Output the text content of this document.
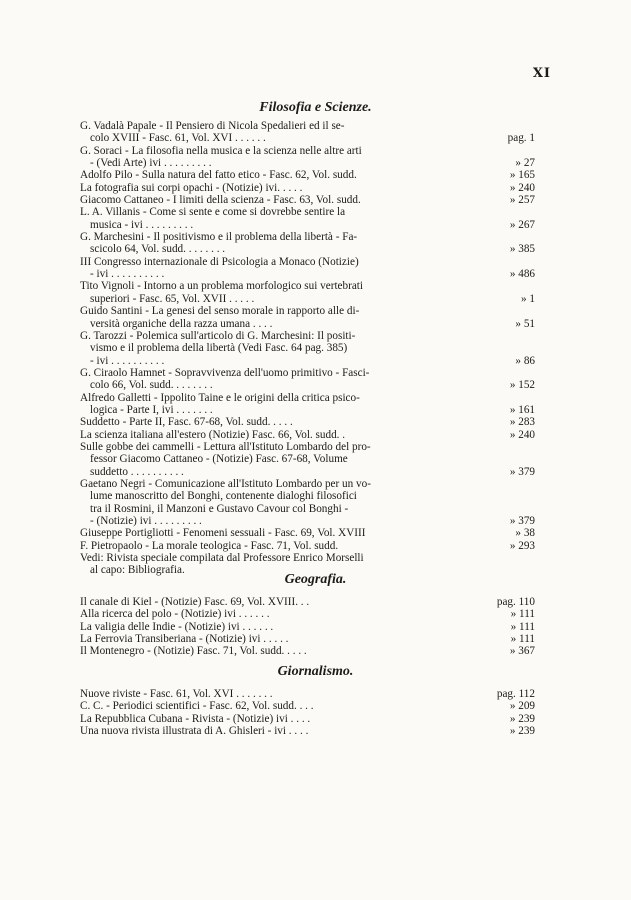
XI
Filosofia e Scienze.
G. Vadalà Papale - Il Pensiero di Nicola Spedalieri ed il se-
colo XVIII - Fasc. 61, Vol. XVI . . . . . .	pag. 1
G. Soraci - La filosofia nella musica e la scienza nelle altre arti
- (Vedi Arte) ivi . . . . . . . . .	» 27
Adolfo Pilo - Sulla natura del fatto etico - Fasc. 62, Vol. sudd.	» 165
La fotografia sui corpi opachi - (Notizie) ivi. . . . .	» 240
Giacomo Cattaneo - I limiti della scienza - Fasc. 63, Vol. sudd.	» 257
L. A. Villanis - Come si sente e come si dovrebbe sentire la
musica - ivi . . . . . . . . .	» 267
G. Marchesini - Il positivismo e il problema della libertà - Fa-
scicolo 64, Vol. sudd. . . . . . . .	» 385
III Congresso internazionale di Psicologia a Monaco (Notizie)
- ivi . . . . . . . . . .	» 486
Tito Vignoli - Intorno a un problema morfologico sui vertebrati
superiori - Fasc. 65, Vol. XVII . . . . .	» 1
Guido Santini - La genesi del senso morale in rapporto alle di-
versità organiche della razza umana . . . .	» 51
G. Tarozzi - Polemica sull'articolo di G. Marchesini: Il positi-
vismo e il problema della libertà (Vedi Fasc. 64 pag. 385)
- ivi . . . . . . . . . .	» 86
G. Ciraolo Hamnet - Sopravvivenza dell'uomo primitivo - Fasci-
colo 66, Vol. sudd. . . . . . . .	» 152
Alfredo Galletti - Ippolito Taine e le origini della critica psico-
logica - Parte I, ivi . . . . . . .	» 161
Suddetto - Parte II, Fasc. 67-68, Vol. sudd. . . . .	» 283
La scienza italiana all'estero (Notizie) Fasc. 66, Vol. sudd. .	» 240
Sulle gobbe dei cammelli - Lettura all'Istituto Lombardo del pro-
fessor Giacomo Cattaneo - (Notizie) Fasc. 67-68, Volume
suddetto . . . . . . . . . .	» 379
Gaetano Negri - Comunicazione all'Istituto Lombardo per un vo-
lume manoscritto del Bonghi, contenente dialoghi filosofici
tra il Rosmini, il Manzoni e Gustavo Cavour col Bonghi -
- (Notizie) ivi . . . . . . . . .	» 379
Giuseppe Portigliotti - Fenomeni sessuali - Fasc. 69, Vol. XVIII	» 38
F. Pietropaolo - La morale teologica - Fasc. 71, Vol. sudd.	» 293
Vedi: Rivista speciale compilata dal Professore Enrico Morselli
al capo: Bibliografia.
Geografia.
Il canale di Kiel - (Notizie) Fasc. 69, Vol. XVIII. . .	pag. 110
Alla ricerca del polo - (Notizie) ivi . . . . . .	» 111
La valigia delle Indie - (Notizie) ivi . . . . . .	» 111
La Ferrovia Transiberiana - (Notizie) ivi . . . . .	» 111
Il Montenegro - (Notizie) Fasc. 71, Vol. sudd. . . . .	» 367
Giornalismo.
Nuove riviste - Fasc. 61, Vol. XVI . . . . . . .	pag. 112
C. C. - Periodici scientifici - Fasc. 62, Vol. sudd. . . .	» 209
La Repubblica Cubana - Rivista - (Notizie) ivi . . . .	» 239
Una nuova rivista illustrata di A. Ghisleri - ivi . . . .	» 239
